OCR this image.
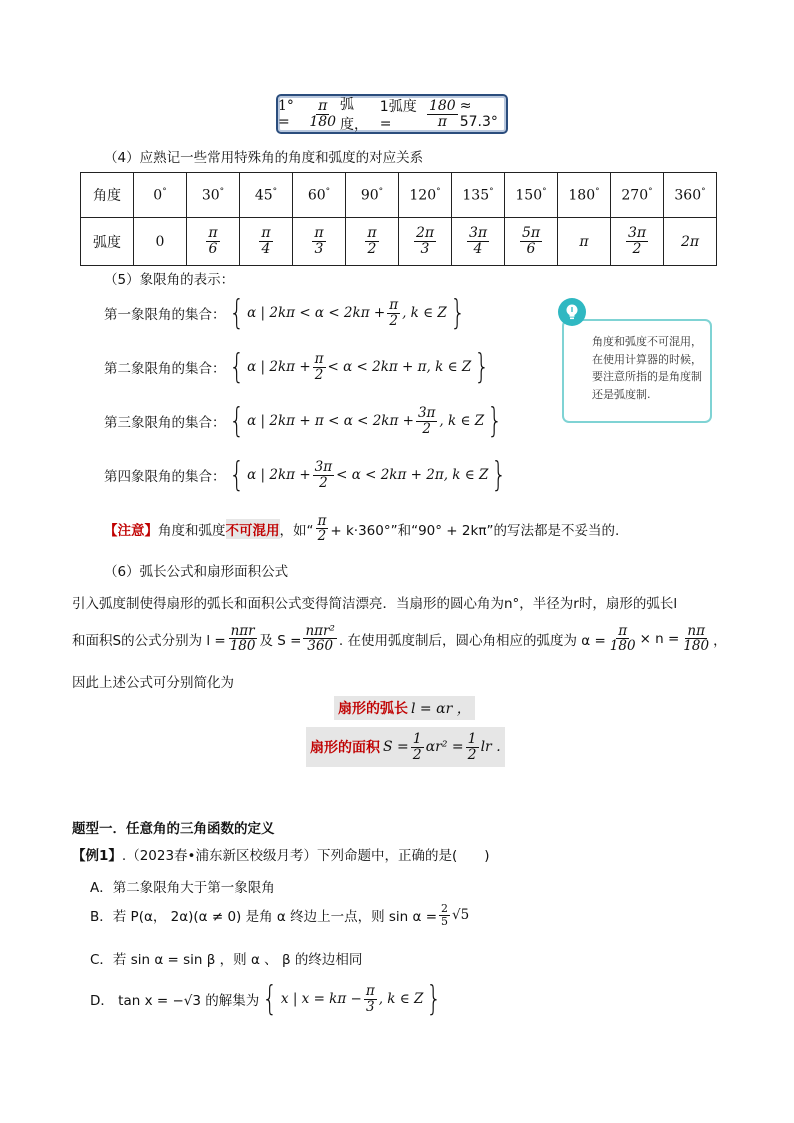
1° =	$\frac{\pi}{180}$ 弧度，
1弧度 =	$\frac{180}{\pi} \approx 57.3^\circ$
（4）应熟记一些常用特殊角的角度和弧度的对应关系
角度	0°	30°	45°	60°	90°	120°	135°	150°	180°	270°	360°
弧度	0	$\frac{\pi}{6}$	$\frac{\pi}{4}$	$\frac{\pi}{3}$	$\frac{\pi}{2}$	$\frac{2\pi}{3}$	$\frac{3\pi}{4}$	$\frac{5\pi}{6}$	π	$\frac{3\pi}{2}$	2π
（5）象限角的表示：
第一象限角的集合： { α | $2k\pi < \alpha < 2k\pi + \frac{\pi}{2}$ , k ∈ Z }
第二象限角的集合： { α | $2k\pi + \frac{\pi}{2} < \alpha < 2k\pi + \pi$, k ∈ Z }
第三象限角的集合： { α | $2k\pi + \pi < \alpha < 2k\pi + \frac{3\pi}{2}$ , k ∈ Z }
第四象限角的集合： { α | $2k\pi + \frac{3\pi}{2} < \alpha < 2k\pi + 2\pi$, k ∈ Z }
角度和弧度不可混用，在使用计算器的时候，要注意所指的是角度制还是弧度制.
【注意】 角度和弧度 不可混用 ，如“ $\frac{\pi}{2} + k\cdot 360^\circ$”和“90° + 2kπ”的写法都是不妥当的.
（6）弧长公式和扇形面积公式
引入弧度制使得扇形的弧长和面积公式变得简洁漂亮．当扇形的圆心角为n°，半径为r时，扇形的弧长l
和面积S的公式分别为 $l = \frac{\text{nπr}}{180}$ 及 $S = \frac{\text{nπr²}}{360}$ . 在使用弧度制后，圆心角相应的弧度为 $\alpha = \frac{\pi}{180} \times n = \frac{n\pi}{180}$ ，
因此上述公式可分别简化为
扇形的弧长 l = αr ，
扇形的面积 $S = \frac{1}{2} \alpha r^2 = \frac{1}{2}$ lr .
题型一．任意角的三角函数的定义
【例1】.（2023春•浦东新区校级月考）下列命题中，正确的是(　　)
A．第二象限角大于第一象限角
B．若 P(α， 2α)(α ≠ 0) 是角 α 终边上一点，则 $\sin \alpha = \frac{2}{5} √5$
C．若 sin α = sin β ，则 α 、 β 的终边相同
D． tan x = −√3 的解集为 { x | $x = k\pi - \frac{\pi}{3}$ , k ∈ Z }
